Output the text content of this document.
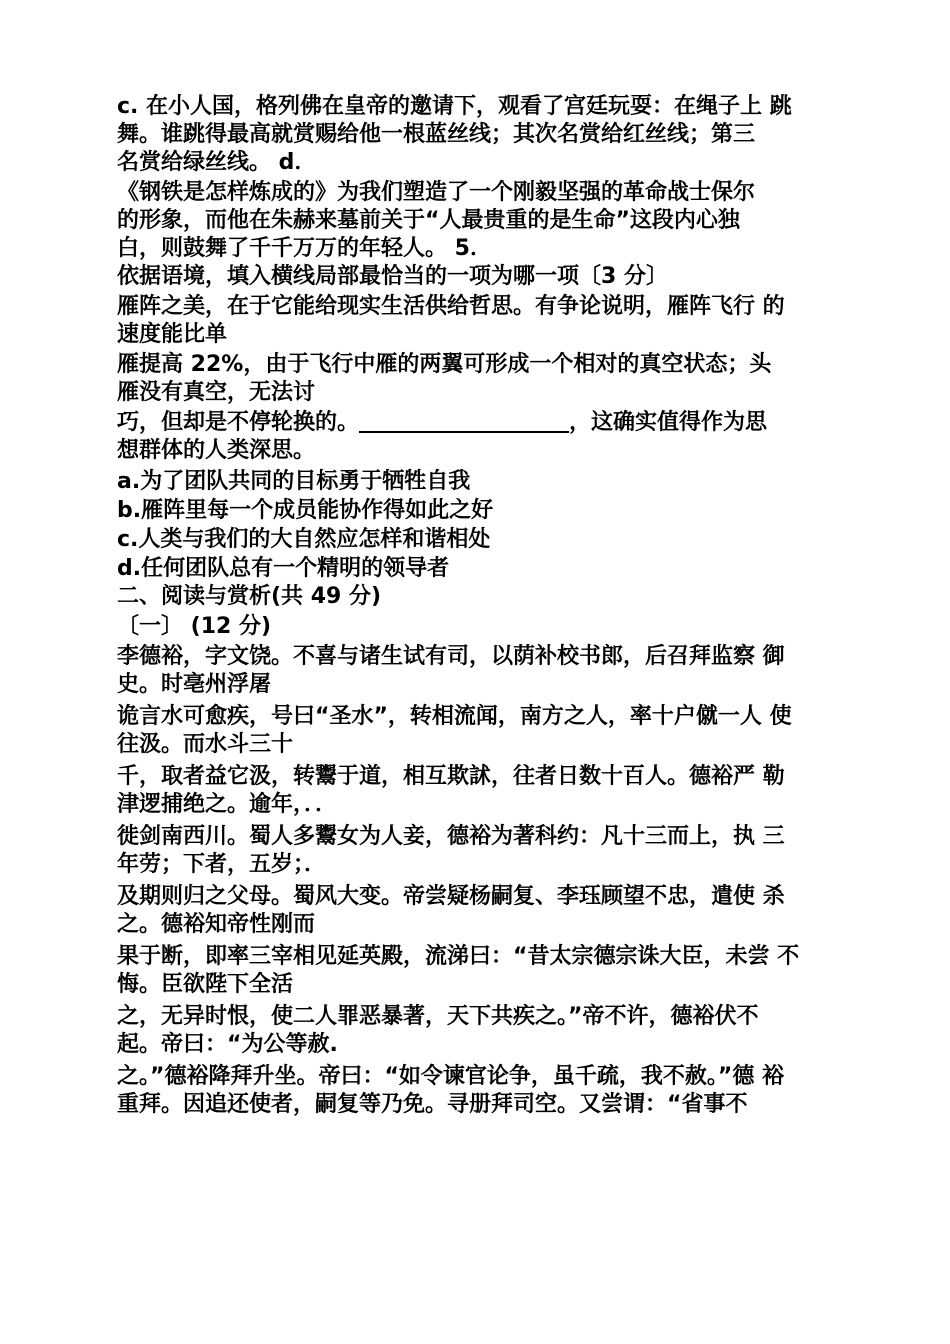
c. 在小人国，格列佛在皇帝的邀请下，观看了宫廷玩耍：在绳子上 跳

舞。谁跳得最高就赏赐给他一根蓝丝线；其次名赏给红丝线；第三

名赏给绿丝线。 d．

《钢铁是怎样炼成的》为我们塑造了一个刚毅坚强的革命战士保尔

的形象，而他在朱赫来墓前关于“人最贵重的是生命”这段内心独

白，则鼓舞了千千万万的年轻人。 5．

依据语境，填入横线局部最恰当的一项为哪一项〔3 分〕

雁阵之美，在于它能给现实生活供给哲思。有争论说明，雁阵飞行 的

速度能比单

雁提高 22%，由于飞行中雁的两翼可形成一个相对的真空状态；头

雁没有真空，无法讨

巧，但却是不停轮换的。	，这确实值得作为思

想群体的人类深思。

a.为了团队共同的目标勇于牺牲自我

b.雁阵里每一个成员能协作得如此之好

c.人类与我们的大自然应怎样和谐相处

d.任何团队总有一个精明的领导者

二、阅读与赏析(共 49 分)

〔一〕 (12 分)

李德裕，字文饶。不喜与诸生试有司，以荫补校书郎，后召拜监察 御

史。时亳州浮屠

诡言水可愈疾，号曰“圣水”，转相流闻，南方之人，率十户僦一人 使

往汲。而水斗三十

千，取者益它汲，转鬻于道，相互欺訹，往者日数十百人。德裕严 勒

津逻捕绝之。逾年，．．

徙剑南西川。蜀人多鬻女为人妾，德裕为著科约：凡十三而上，执 三

年劳；下者，五岁；．

及期则归之父母。蜀风大变。帝尝疑杨嗣复、李珏顾望不忠，遣使 杀

之。德裕知帝性刚而

果于断，即率三宰相见延英殿，流涕曰：“昔太宗德宗诛大臣，未尝 不

悔。臣欲陛下全活

之，无异时恨，使二人罪恶暴著，天下共疾之。”帝不许，德裕伏不

起。帝曰：“为公等赦.

之。”德裕降拜升坐。帝曰：“如令谏官论争，虽千疏，我不赦。”德 裕

重拜。因追还使者，嗣复等乃免。寻册拜司空。又尝谓：“省事不
